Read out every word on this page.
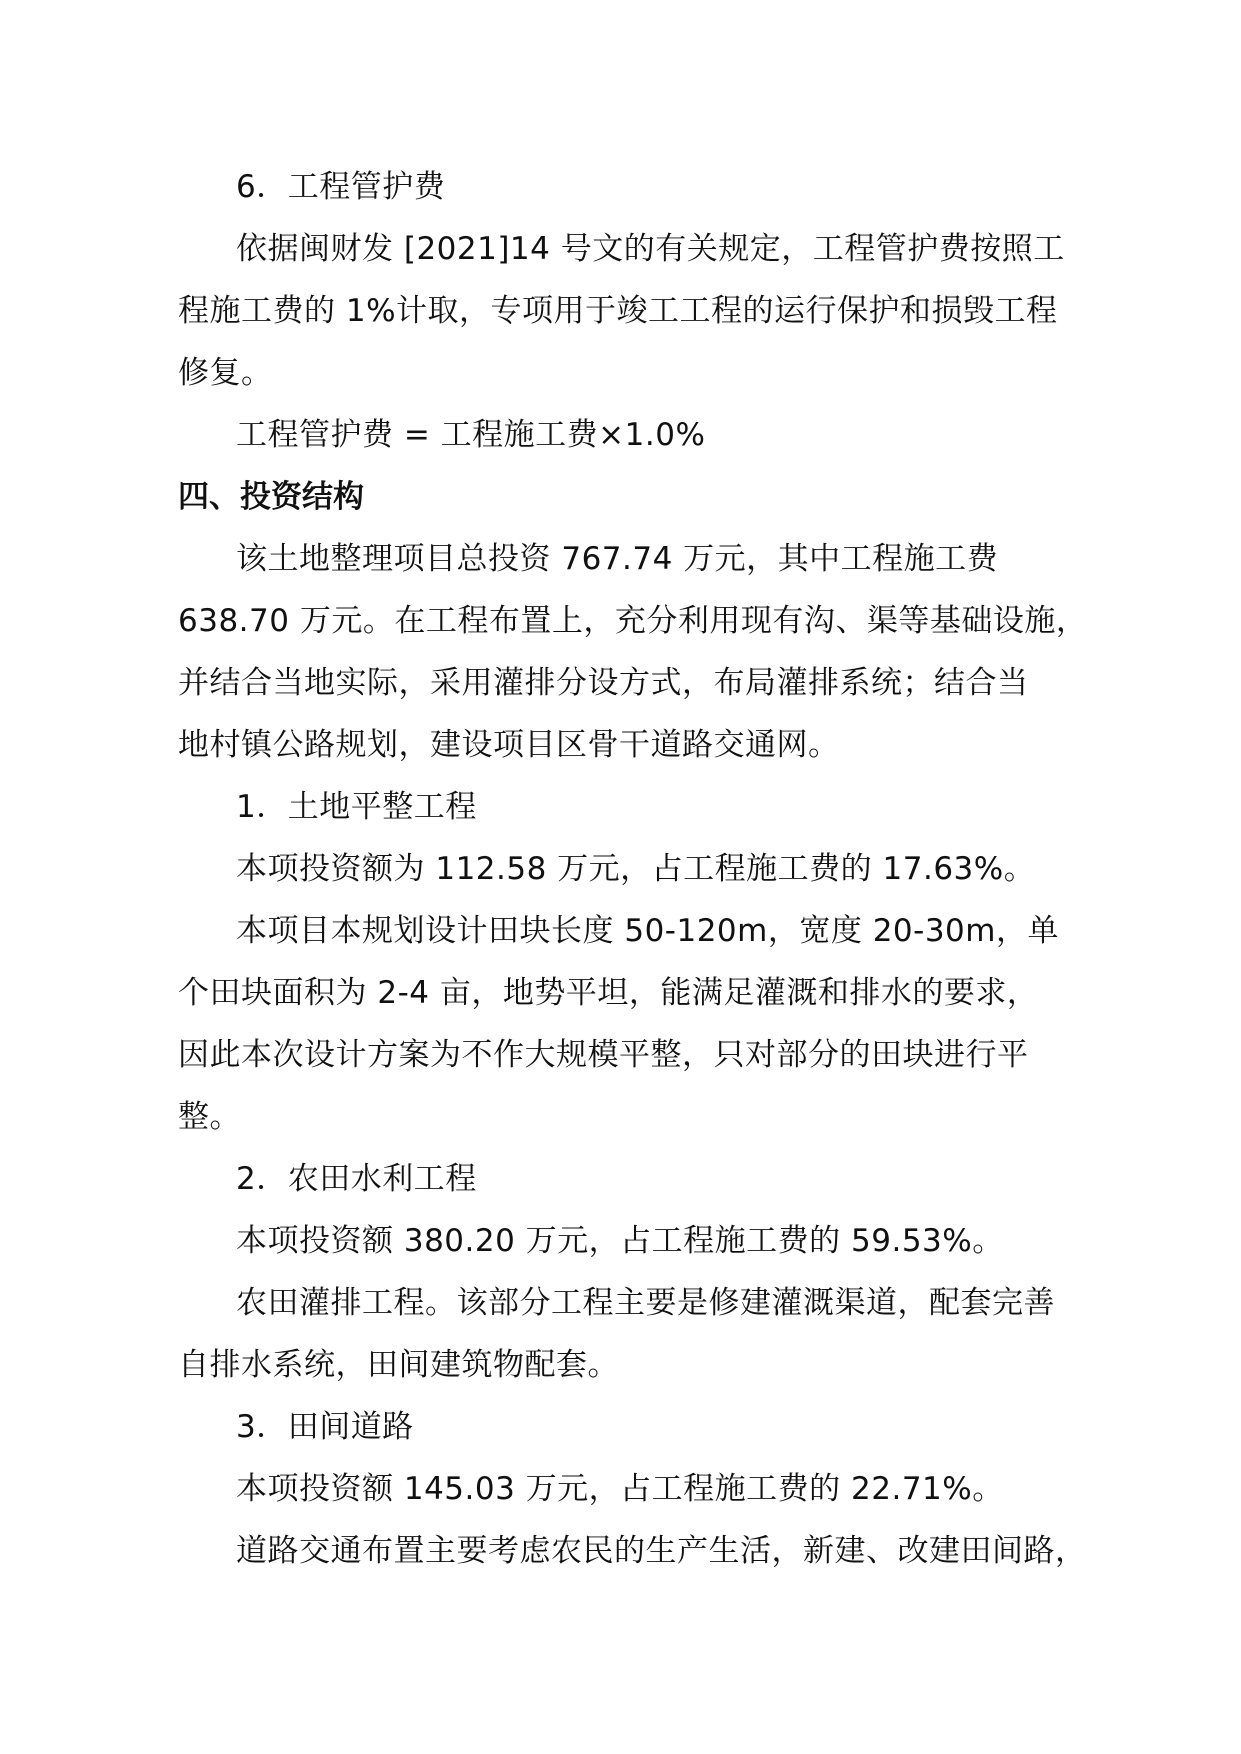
6．工程管护费
依据闽财发 [2021]14 号文的有关规定，工程管护费按照工
程施工费的 1%计取，专项用于竣工工程的运行保护和损毁工程
修复。
工程管护费 = 工程施工费×1.0%
四、投资结构
该土地整理项目总投资 767.74 万元，其中工程施工费
638.70 万元。在工程布置上，充分利用现有沟、渠等基础设施，
并结合当地实际，采用灌排分设方式，布局灌排系统；结合当
地村镇公路规划，建设项目区骨干道路交通网。
1．土地平整工程
本项投资额为 112.58 万元，占工程施工费的 17.63%。
本项目本规划设计田块长度 50-120m，宽度 20-30m，单
个田块面积为 2-4 亩，地势平坦，能满足灌溉和排水的要求，
因此本次设计方案为不作大规模平整，只对部分的田块进行平
整。
2．农田水利工程
本项投资额 380.20 万元，占工程施工费的 59.53%。
农田灌排工程。该部分工程主要是修建灌溉渠道，配套完善
自排水系统，田间建筑物配套。
3．田间道路
本项投资额 145.03 万元，占工程施工费的 22.71%。
道路交通布置主要考虑农民的生产生活，新建、改建田间路，
